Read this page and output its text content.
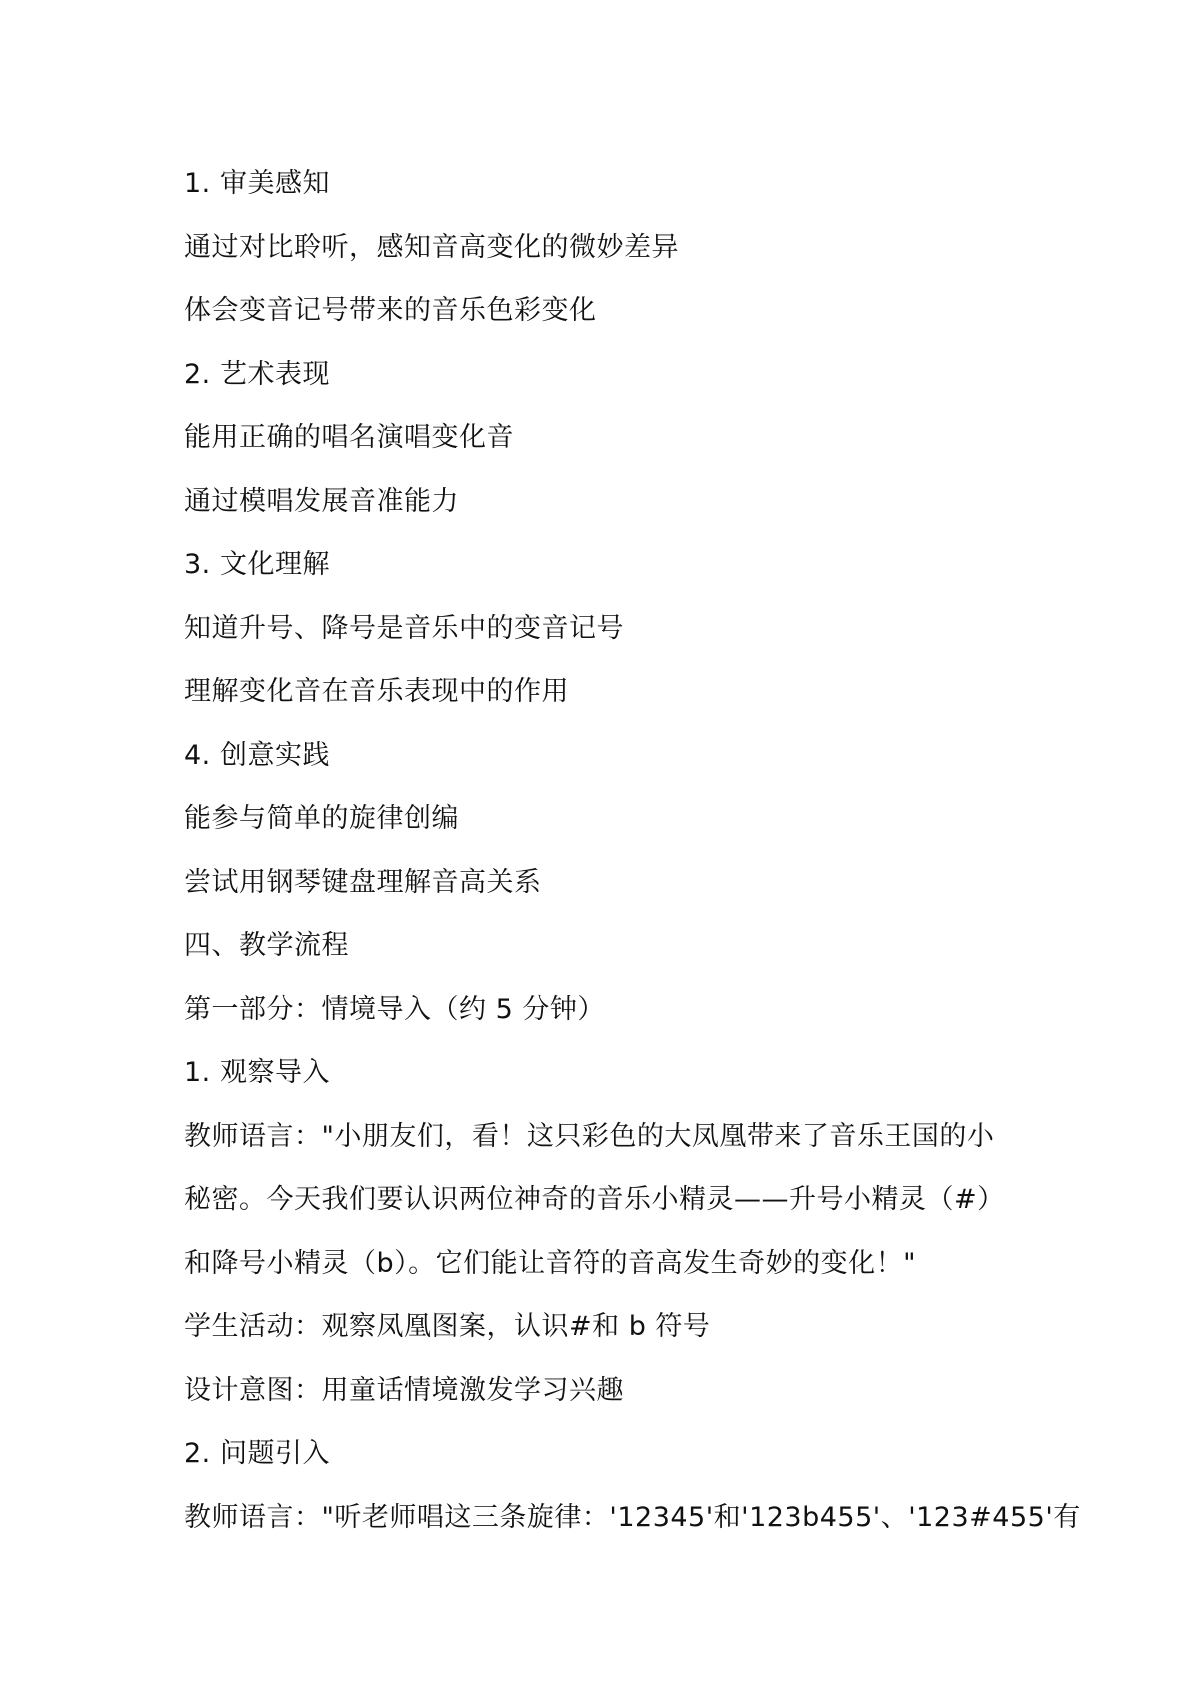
1. 审美感知
通过对比聆听，感知音高变化的微妙差异
体会变音记号带来的音乐色彩变化
2. 艺术表现
能用正确的唱名演唱变化音
通过模唱发展音准能力
3. 文化理解
知道升号、降号是音乐中的变音记号
理解变化音在音乐表现中的作用
4. 创意实践
能参与简单的旋律创编
尝试用钢琴键盘理解音高关系
四、教学流程
第一部分：情境导入（约 5 分钟）
1. 观察导入
教师语言："小朋友们，看！这只彩色的大凤凰带来了音乐王国的小
秘密。今天我们要认识两位神奇的音乐小精灵——升号小精灵（#）
和降号小精灵（b）。它们能让音符的音高发生奇妙的变化！"
学生活动：观察凤凰图案，认识#和 b 符号
设计意图：用童话情境激发学习兴趣
2. 问题引入
教师语言："听老师唱这三条旋律：'12345'和'123b455'、'123#455'有
